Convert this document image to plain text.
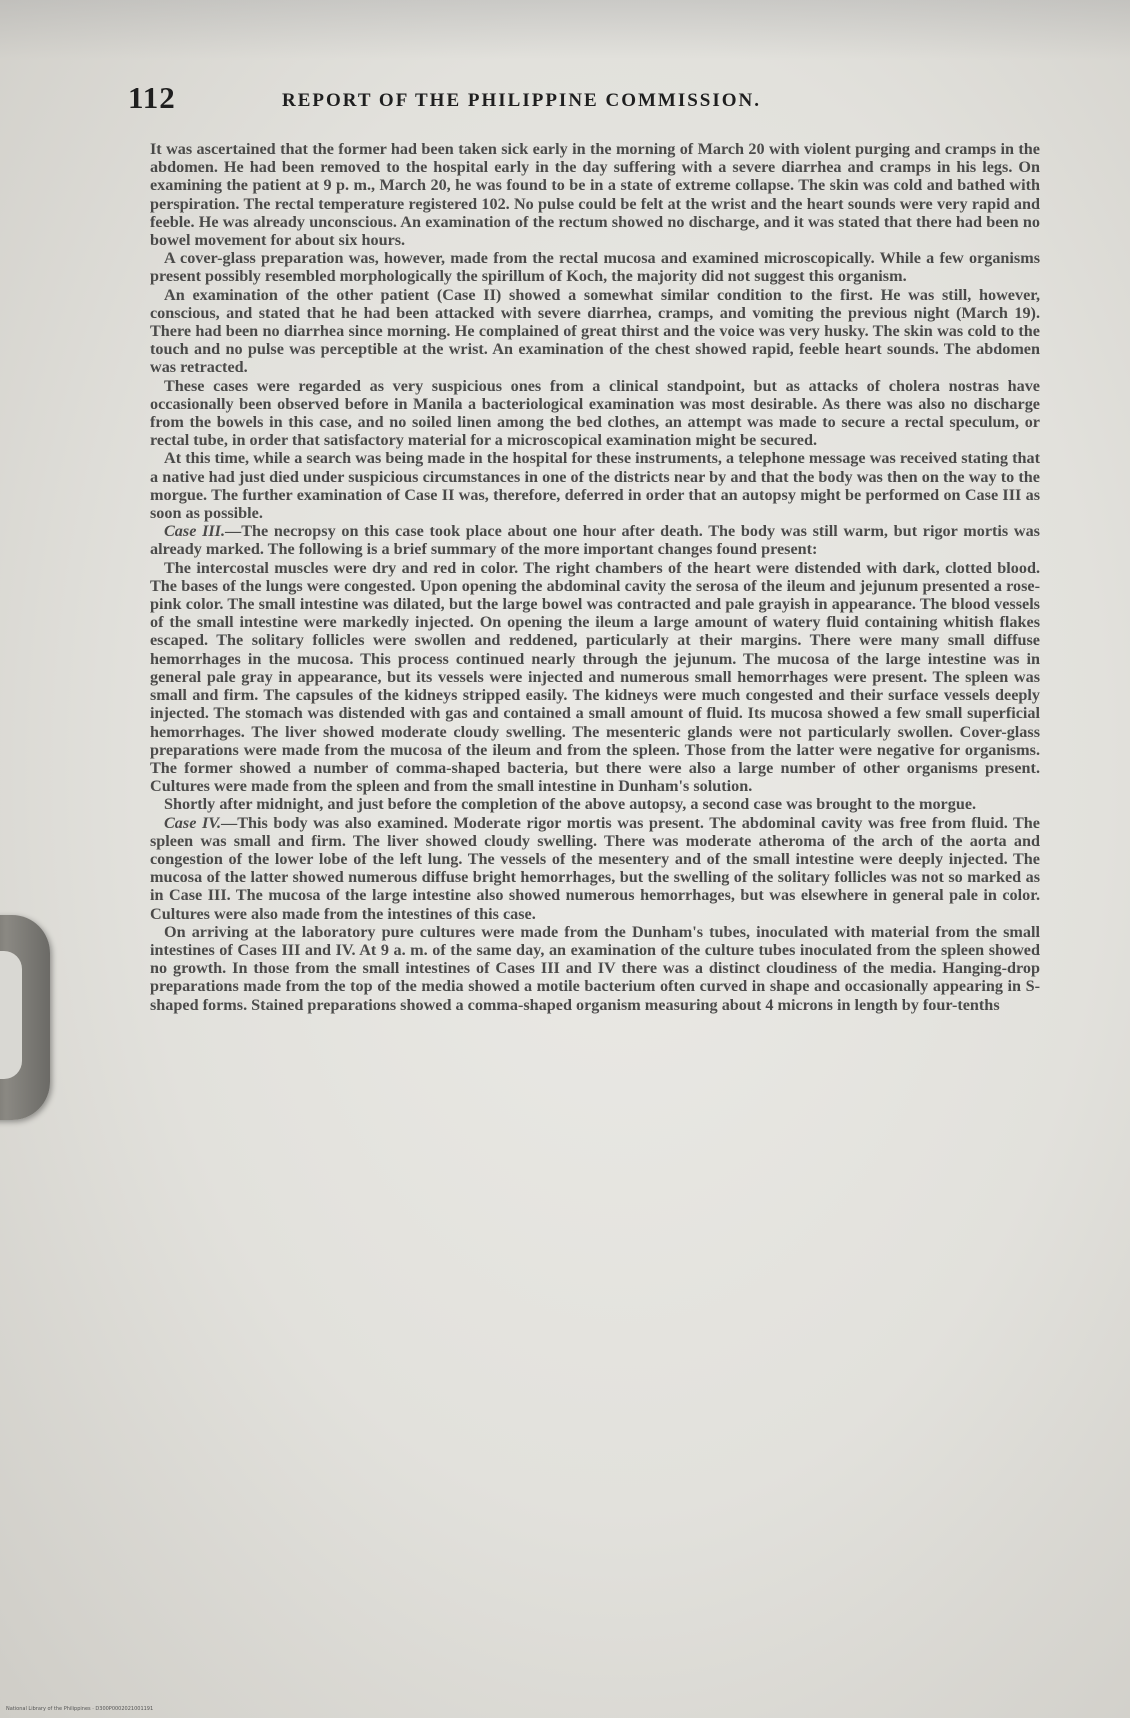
112	REPORT OF THE PHILIPPINE COMMISSION.

It was ascertained that the former had been taken sick early in the morning of March 20 with violent purging and cramps in the abdomen. He had been removed to the hospital early in the day suffering with a severe diarrhea and cramps in his legs. On examining the patient at 9 p. m., March 20, he was found to be in a state of extreme collapse. The skin was cold and bathed with perspiration. The rectal temperature registered 102. No pulse could be felt at the wrist and the heart sounds were very rapid and feeble. He was already unconscious. An examination of the rectum showed no discharge, and it was stated that there had been no bowel movement for about six hours.

A cover-glass preparation was, however, made from the rectal mucosa and examined microscopically. While a few organisms present possibly resembled morphologically the spirillum of Koch, the majority did not suggest this organism.

An examination of the other patient (Case II) showed a somewhat similar condition to the first. He was still, however, conscious, and stated that he had been attacked with severe diarrhea, cramps, and vomiting the previous night (March 19). There had been no diarrhea since morning. He complained of great thirst and the voice was very husky. The skin was cold to the touch and no pulse was perceptible at the wrist. An examination of the chest showed rapid, feeble heart sounds. The abdomen was retracted.

These cases were regarded as very suspicious ones from a clinical standpoint, but as attacks of cholera nostras have occasionally been observed before in Manila a bacteriological examination was most desirable. As there was also no discharge from the bowels in this case, and no soiled linen among the bed clothes, an attempt was made to secure a rectal speculum, or rectal tube, in order that satisfactory material for a microscopical examination might be secured.

At this time, while a search was being made in the hospital for these instruments, a telephone message was received stating that a native had just died under suspicious circumstances in one of the districts near by and that the body was then on the way to the morgue. The further examination of Case II was, therefore, deferred in order that an autopsy might be performed on Case III as soon as possible.

Case III.—The necropsy on this case took place about one hour after death. The body was still warm, but rigor mortis was already marked. The following is a brief summary of the more important changes found present:

The intercostal muscles were dry and red in color. The right chambers of the heart were distended with dark, clotted blood. The bases of the lungs were congested. Upon opening the abdominal cavity the serosa of the ileum and jejunum presented a rose-pink color. The small intestine was dilated, but the large bowel was contracted and pale grayish in appearance. The blood vessels of the small intestine were markedly injected. On opening the ileum a large amount of watery fluid containing whitish flakes escaped. The solitary follicles were swollen and reddened, particularly at their margins. There were many small diffuse hemorrhages in the mucosa. This process continued nearly through the jejunum. The mucosa of the large intestine was in general pale gray in appearance, but its vessels were injected and numerous small hemorrhages were present. The spleen was small and firm. The capsules of the kidneys stripped easily. The kidneys were much congested and their surface vessels deeply injected. The stomach was distended with gas and contained a small amount of fluid. Its mucosa showed a few small superficial hemorrhages. The liver showed moderate cloudy swelling. The mesenteric glands were not particularly swollen. Cover-glass preparations were made from the mucosa of the ileum and from the spleen. Those from the latter were negative for organisms. The former showed a number of comma-shaped bacteria, but there were also a large number of other organisms present. Cultures were made from the spleen and from the small intestine in Dunham's solution.

Shortly after midnight, and just before the completion of the above autopsy, a second case was brought to the morgue.

Case IV.—This body was also examined. Moderate rigor mortis was present. The abdominal cavity was free from fluid. The spleen was small and firm. The liver showed cloudy swelling. There was moderate atheroma of the arch of the aorta and congestion of the lower lobe of the left lung. The vessels of the mesentery and of the small intestine were deeply injected. The mucosa of the latter showed numerous diffuse bright hemorrhages, but the swelling of the solitary follicles was not so marked as in Case III. The mucosa of the large intestine also showed numerous hemorrhages, but was elsewhere in general pale in color. Cultures were also made from the intestines of this case.

On arriving at the laboratory pure cultures were made from the Dunham's tubes, inoculated with material from the small intestines of Cases III and IV. At 9 a. m. of the same day, an examination of the culture tubes inoculated from the spleen showed no growth. In those from the small intestines of Cases III and IV there was a distinct cloudiness of the media. Hanging-drop preparations made from the top of the media showed a motile bacterium often curved in shape and occasionally appearing in S-shaped forms. Stained preparations showed a comma-shaped organism measuring about 4 microns in length by four-tenths

National Library of the Philippines · D300P0002021001191
